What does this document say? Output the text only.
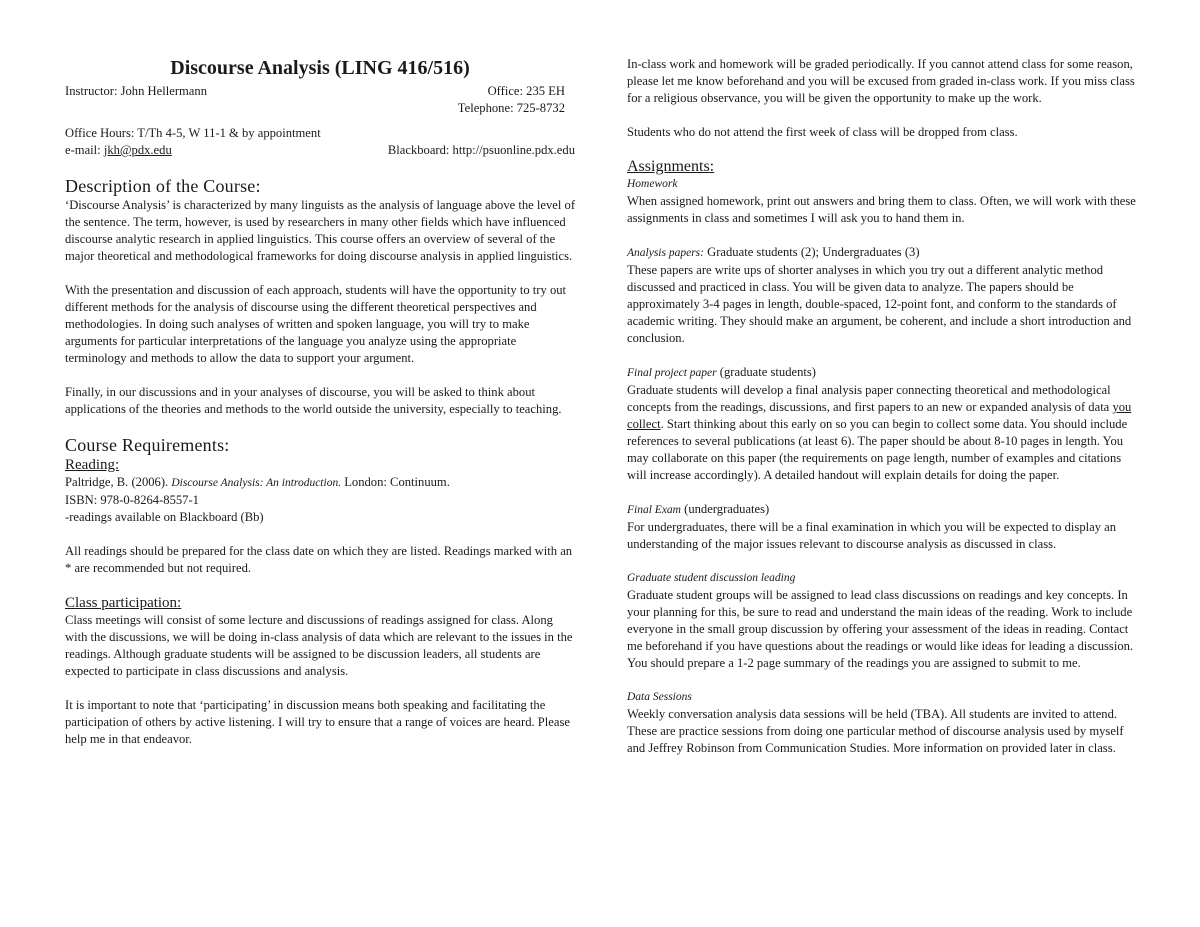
Discourse Analysis (LING 416/516)
Instructor: John Hellermann	Office: 235 EH
Telephone: 725-8732
Office Hours: T/Th 4-5, W 11-1 & by appointment
e-mail: jkh@pdx.edu	Blackboard: http://psuonline.pdx.edu
Description of the Course:

‘Discourse Analysis’ is characterized by many linguists as the analysis of language above the level of the sentence. The term, however, is used by researchers in many other fields which have influenced discourse analytic research in applied linguistics. This course offers an overview of several of the major theoretical and methodological frameworks for doing discourse analysis in applied linguistics.

With the presentation and discussion of each approach, students will have the opportunity to try out different methods for the analysis of discourse using the different theoretical perspectives and methodologies. In doing such analyses of written and spoken language, you will try to make arguments for particular interpretations of the language you analyze using the appropriate terminology and methods to allow the data to support your argument.

Finally, in our discussions and in your analyses of discourse, you will be asked to think about applications of the theories and methods to the world outside the university, especially to teaching.

Course Requirements:
Reading:

Paltridge, B. (2006). Discourse Analysis: An introduction. London: Continuum.

ISBN: 978-0-8264-8557-1

-readings available on Blackboard (Bb)

All readings should be prepared for the class date on which they are listed. Readings marked with an * are recommended but not required.

Class participation:

Class meetings will consist of some lecture and discussions of readings assigned for class. Along with the discussions, we will be doing in-class analysis of data which are relevant to the issues in the readings. Although graduate students will be assigned to be discussion leaders, all students are expected to participate in class discussions and analysis.

It is important to note that ‘participating’ in discussion means both speaking and facilitating the participation of others by active listening. I will try to ensure that a range of voices are heard. Please help me in that endeavor.

In-class work and homework will be graded periodically. If you cannot attend class for some reason, please let me know beforehand and you will be excused from graded in-class work. If you miss class for a religious observance, you will be given the opportunity to make up the work.

Students who do not attend the first week of class will be dropped from class.

Assignments:

Homework

When assigned homework, print out answers and bring them to class. Often, we will work with these assignments in class and sometimes I will ask you to hand them in.

Analysis papers: Graduate students (2); Undergraduates (3)

These papers are write ups of shorter analyses in which you try out a different analytic method discussed and practiced in class. You will be given data to analyze. The papers should be approximately 3-4 pages in length, double-spaced, 12-point font, and conform to the standards of academic writing. They should make an argument, be coherent, and include a short introduction and conclusion.

Final project paper (graduate students)

Graduate students will develop a final analysis paper connecting theoretical and methodological concepts from the readings, discussions, and first papers to an new or expanded analysis of data you collect. Start thinking about this early on so you can begin to collect some data. You should include references to several publications (at least 6). The paper should be about 8-10 pages in length. You may collaborate on this paper (the requirements on page length, number of examples and citations will increase accordingly). A detailed handout will explain details for doing the paper.

Final Exam (undergraduates)

For undergraduates, there will be a final examination in which you will be expected to display an understanding of the major issues relevant to discourse analysis as discussed in class.

Graduate student discussion leading

Graduate student groups will be assigned to lead class discussions on readings and key concepts. In your planning for this, be sure to read and understand the main ideas of the reading. Work to include everyone in the small group discussion by offering your assessment of the ideas in reading. Contact me beforehand if you have questions about the readings or would like ideas for leading a discussion. You should prepare a 1-2 page summary of the readings you are assigned to submit to me.

Data Sessions

Weekly conversation analysis data sessions will be held (TBA). All students are invited to attend. These are practice sessions from doing one particular method of discourse analysis used by myself and Jeffrey Robinson from Communication Studies. More information on provided later in class.
